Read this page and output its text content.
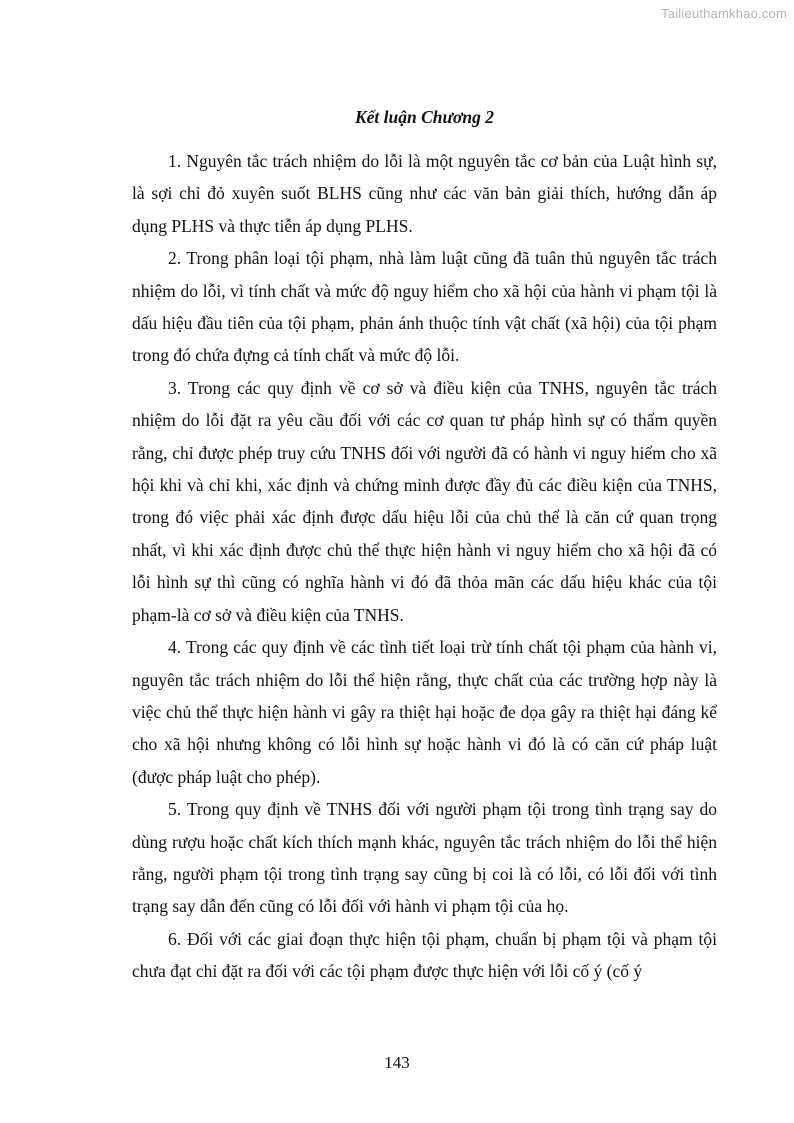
Tailieuthamkhao.com
Kết luận Chương 2

1. Nguyên tắc trách nhiệm do lỗi là một nguyên tắc cơ bản của Luật hình sự, là sợi chỉ đỏ xuyên suốt BLHS cũng như các văn bản giải thích, hướng dẫn áp dụng PLHS và thực tiễn áp dụng PLHS.

2. Trong phân loại tội phạm, nhà làm luật cũng đã tuân thủ nguyên tắc trách nhiệm do lỗi, vì tính chất và mức độ nguy hiểm cho xã hội của hành vi phạm tội là dấu hiệu đầu tiên của tội phạm, phản ánh thuộc tính vật chất (xã hội) của tội phạm trong đó chứa đựng cả tính chất và mức độ lỗi.

3. Trong các quy định về cơ sở và điều kiện của TNHS, nguyên tắc trách nhiệm do lỗi đặt ra yêu cầu đối với các cơ quan tư pháp hình sự có thẩm quyền rằng, chỉ được phép truy cứu TNHS đối với người đã có hành vi nguy hiểm cho xã hội khi và chỉ khi, xác định và chứng minh được đầy đủ các điều kiện của TNHS, trong đó việc phải xác định được dấu hiệu lỗi của chủ thể là căn cứ quan trọng nhất, vì khi xác định được chủ thể thực hiện hành vi nguy hiểm cho xã hội đã có lỗi hình sự thì cũng có nghĩa hành vi đó đã thỏa mãn các dấu hiệu khác của tội phạm-là cơ sở và điều kiện của TNHS.

4. Trong các quy định về các tình tiết loại trừ tính chất tội phạm của hành vi, nguyên tắc trách nhiệm do lỗi thể hiện rằng, thực chất của các trường hợp này là việc chủ thể thực hiện hành vi gây ra thiệt hại hoặc đe dọa gây ra thiệt hại đáng kể cho xã hội nhưng không có lỗi hình sự hoặc hành vi đó là có căn cứ pháp luật (được pháp luật cho phép).

5. Trong quy định về TNHS đối với người phạm tội trong tình trạng say do dùng rượu hoặc chất kích thích mạnh khác, nguyên tắc trách nhiệm do lỗi thể hiện rằng, người phạm tội trong tình trạng say cũng bị coi là có lỗi, có lỗi đối với tình trạng say dẫn đến cũng có lỗi đối với hành vi phạm tội của họ.

6. Đối với các giai đoạn thực hiện tội phạm, chuẩn bị phạm tội và phạm tội chưa đạt chỉ đặt ra đối với các tội phạm được thực hiện với lỗi cố ý (cố ý

143
